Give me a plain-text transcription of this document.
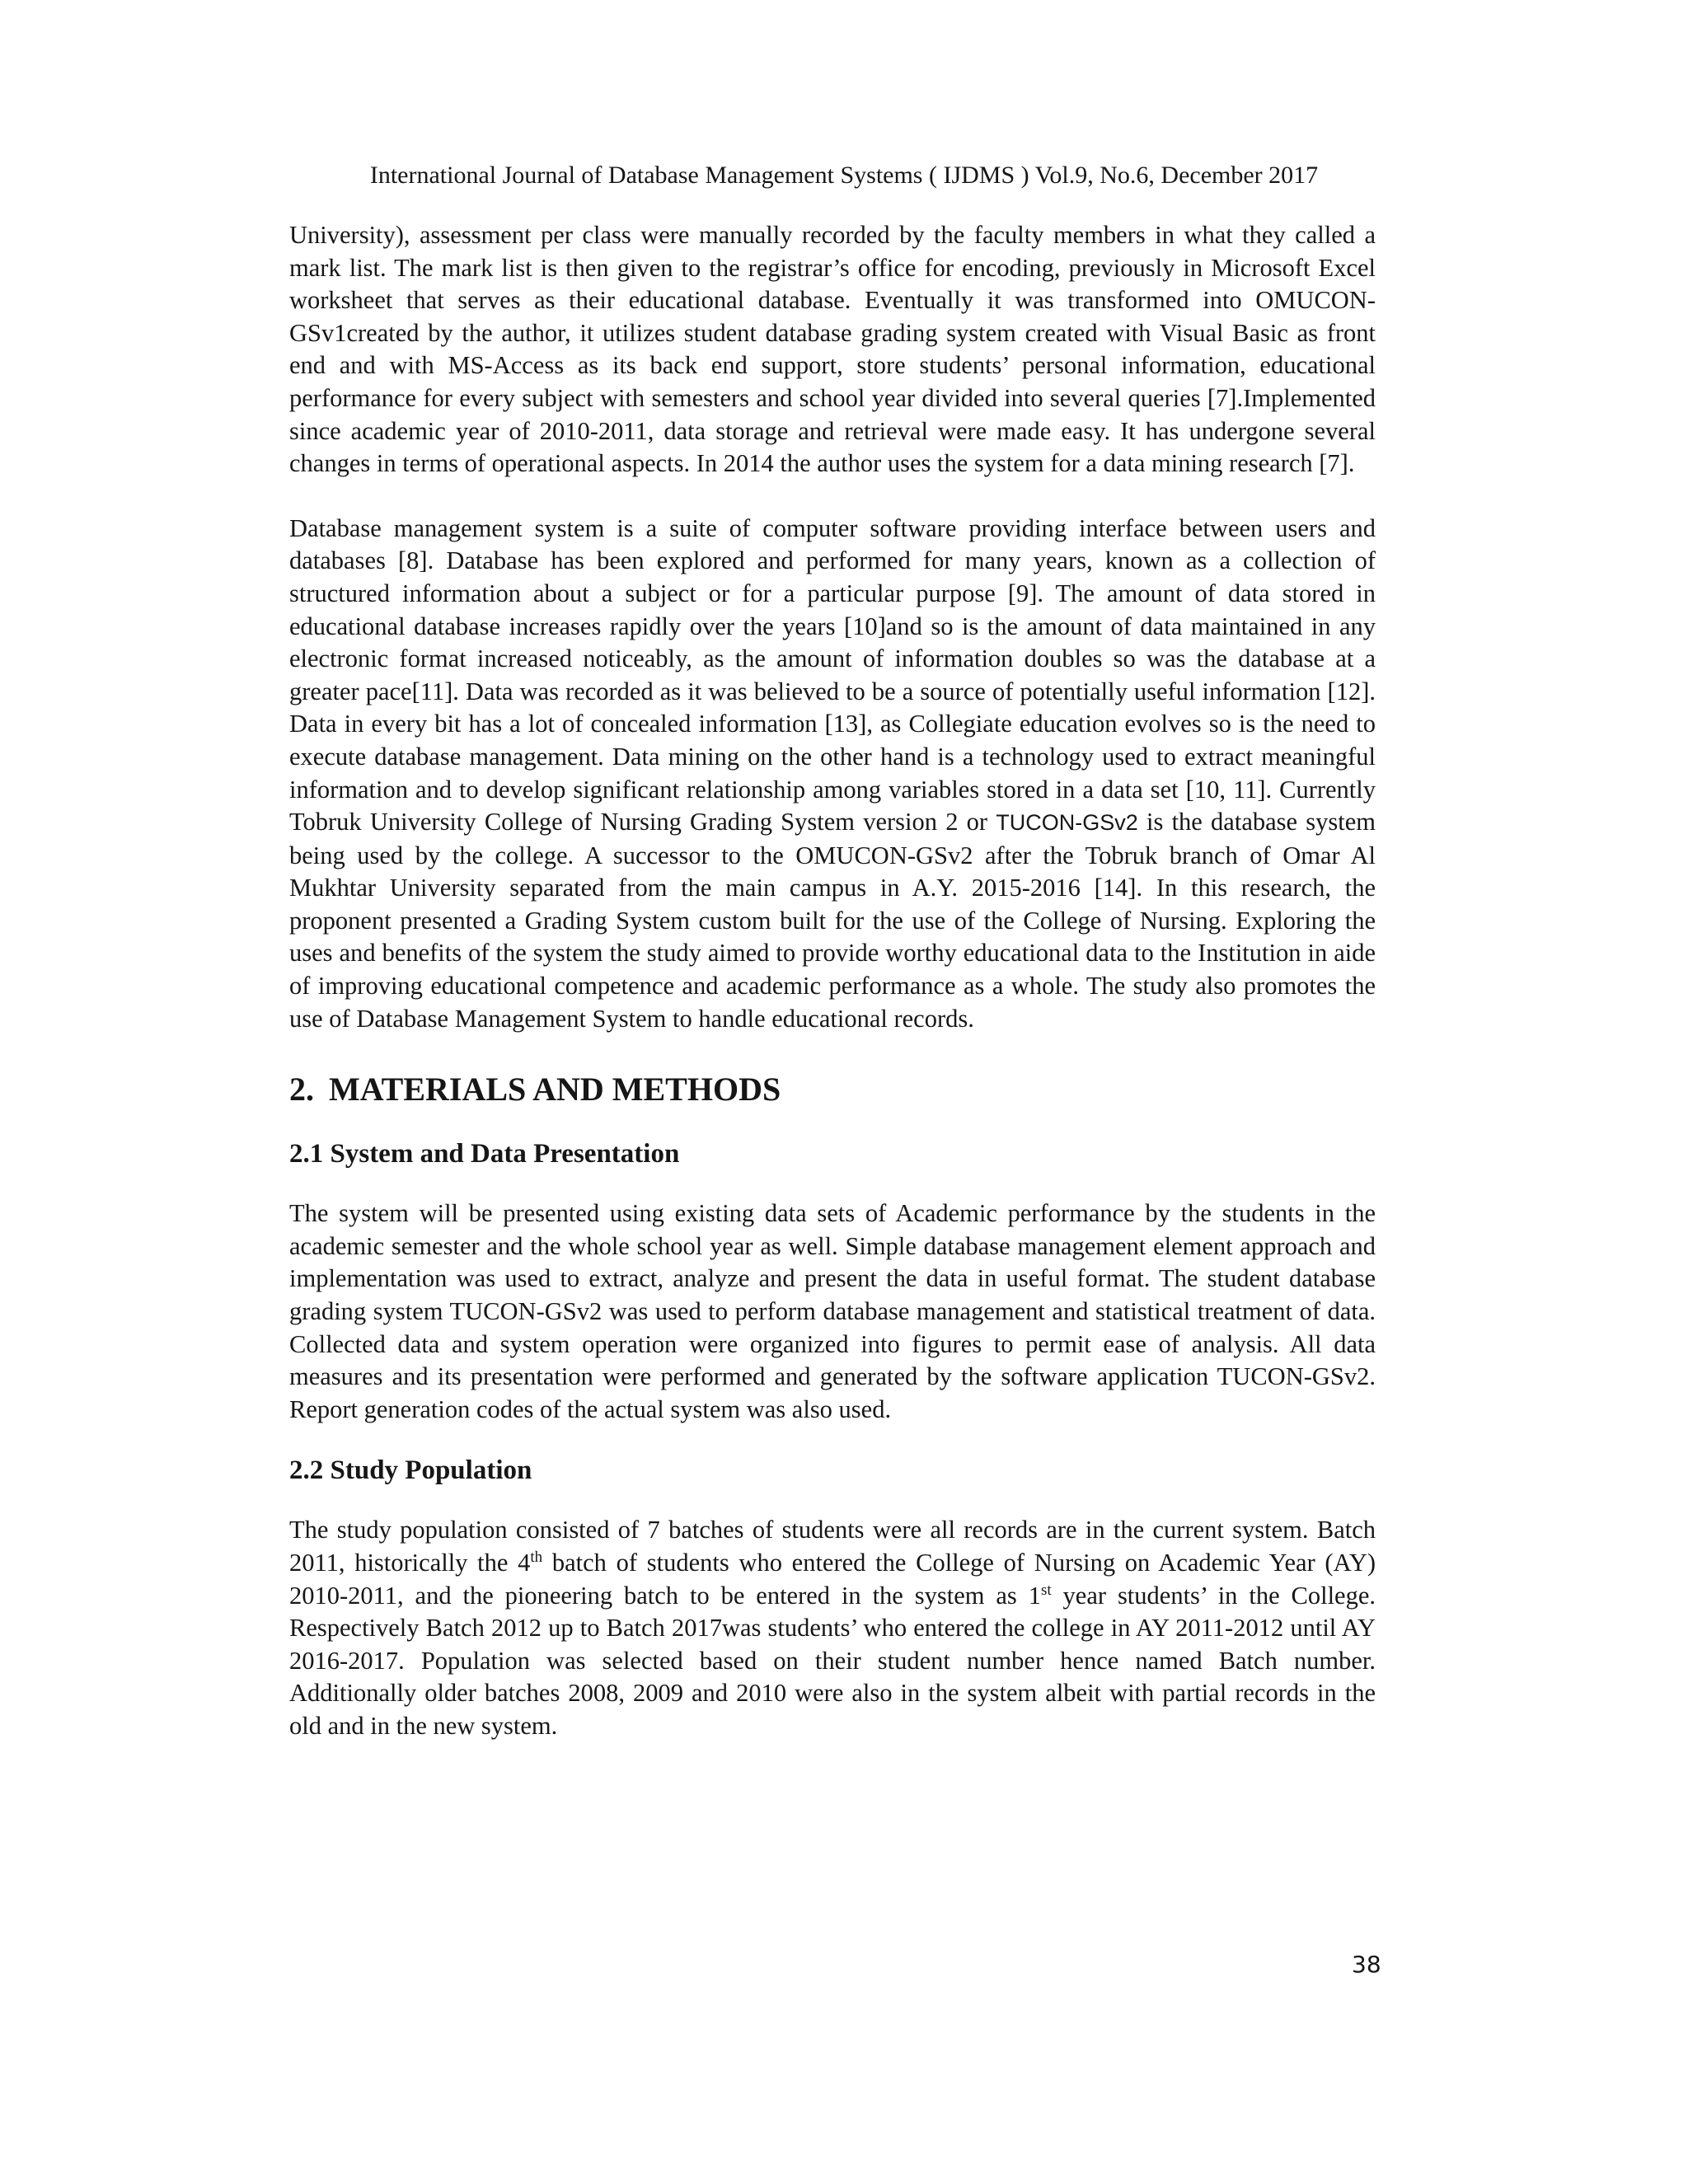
International Journal of Database Management Systems ( IJDMS ) Vol.9, No.6, December 2017

University), assessment per class were manually recorded by the faculty members in what they called a mark list. The mark list is then given to the registrar’s office for encoding, previously in Microsoft Excel worksheet that serves as their educational database. Eventually it was transformed into OMUCON-GSv1created by the author, it utilizes student database grading system created with Visual Basic as front end and with MS-Access as its back end support, store students’ personal information, educational performance for every subject with semesters and school year divided into several queries [7].Implemented since academic year of 2010-2011, data storage and retrieval were made easy. It has undergone several changes in terms of operational aspects. In 2014 the author uses the system for a data mining research [7].

Database management system is a suite of computer software providing interface between users and databases [8]. Database has been explored and performed for many years, known as a collection of structured information about a subject or for a particular purpose [9]. The amount of data stored in educational database increases rapidly over the years [10]and so is the amount of data maintained in any electronic format increased noticeably, as the amount of information doubles so was the database at a greater pace[11]. Data was recorded as it was believed to be a source of potentially useful information [12]. Data in every bit has a lot of concealed information [13], as Collegiate education evolves so is the need to execute database management. Data mining on the other hand is a technology used to extract meaningful information and to develop significant relationship among variables stored in a data set [10, 11]. Currently Tobruk University College of Nursing Grading System version 2 or TUCON-GSv2 is the database system being used by the college. A successor to the OMUCON-GSv2 after the Tobruk branch of Omar Al Mukhtar University separated from the main campus in A.Y. 2015-2016 [14]. In this research, the proponent presented a Grading System custom built for the use of the College of Nursing. Exploring the uses and benefits of the system the study aimed to provide worthy educational data to the Institution in aide of improving educational competence and academic performance as a whole. The study also promotes the use of Database Management System to handle educational records.

2. MATERIALS AND METHODS
2.1 System and Data Presentation

The system will be presented using existing data sets of Academic performance by the students in the academic semester and the whole school year as well. Simple database management element approach and implementation was used to extract, analyze and present the data in useful format. The student database grading system TUCON-GSv2 was used to perform database management and statistical treatment of data. Collected data and system operation were organized into figures to permit ease of analysis. All data measures and its presentation were performed and generated by the software application TUCON-GSv2. Report generation codes of the actual system was also used.

2.2 Study Population

The study population consisted of 7 batches of students were all records are in the current system. Batch 2011, historically the 4th batch of students who entered the College of Nursing on Academic Year (AY) 2010-2011, and the pioneering batch to be entered in the system as 1st year students’ in the College. Respectively Batch 2012 up to Batch 2017was students’ who entered the college in AY 2011-2012 until AY 2016-2017. Population was selected based on their student number hence named Batch number. Additionally older batches 2008, 2009 and 2010 were also in the system albeit with partial records in the old and in the new system.

38
